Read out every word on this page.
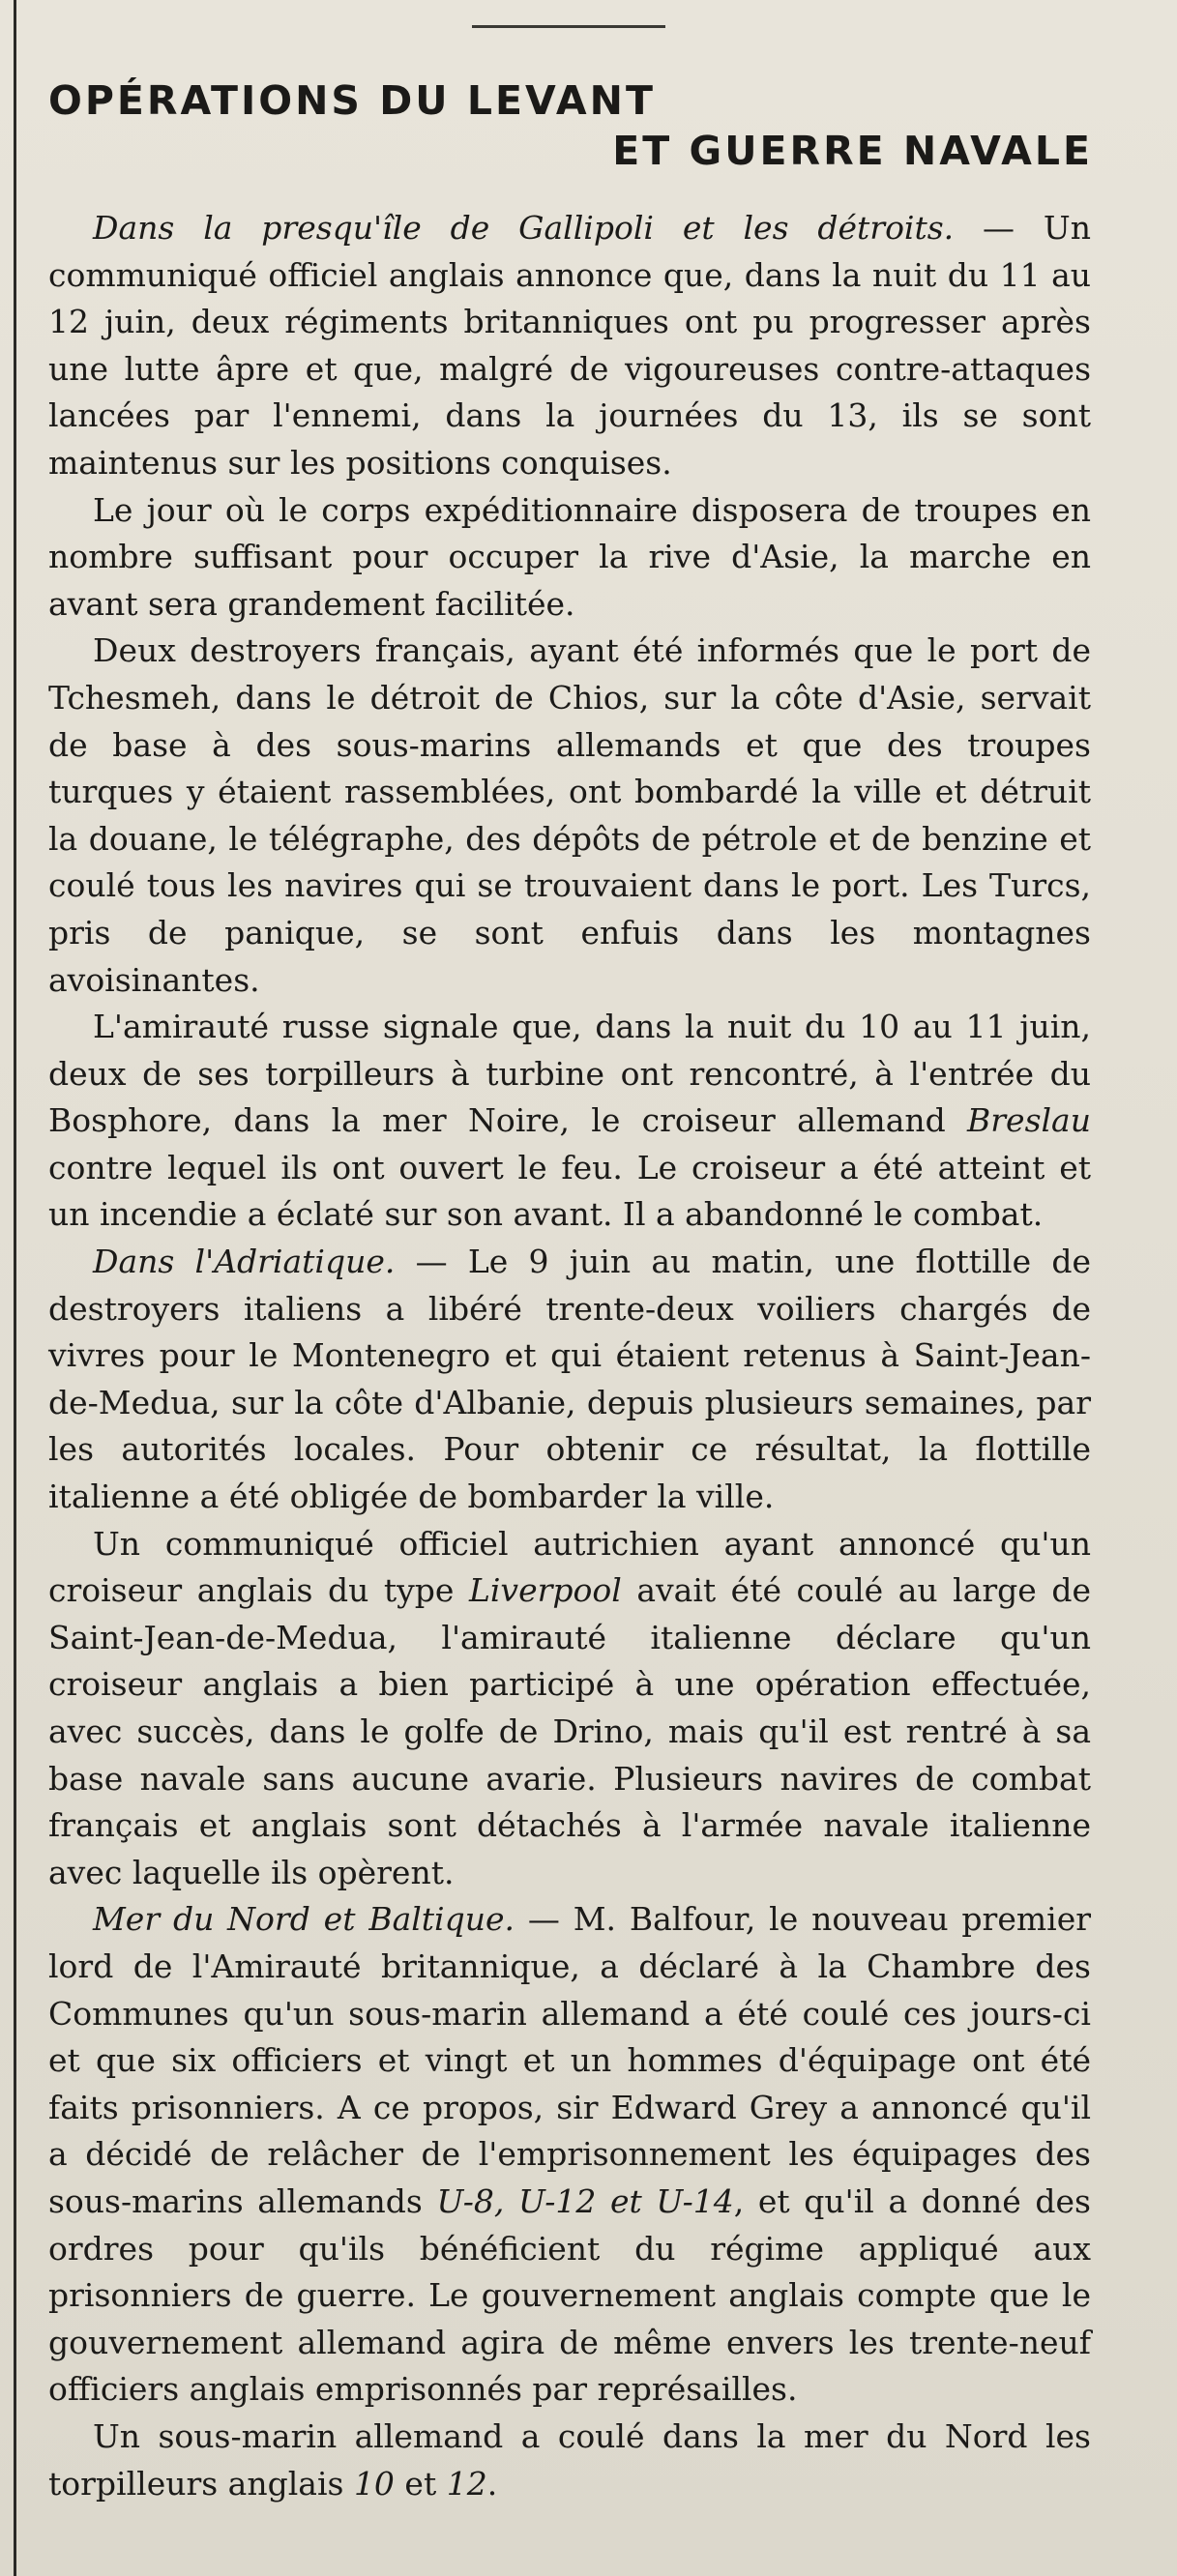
OPÉRATIONS DU LEVANT
ET GUERRE NAVALE

Dans la presqu'île de Gallipoli et les détroits. — Un communiqué officiel anglais annonce que, dans la nuit du 11 au 12 juin, deux régiments britanniques ont pu progresser après une lutte âpre et que, malgré de vigoureuses contre-attaques lancées par l'ennemi, dans la journées du 13, ils se sont maintenus sur les positions conquises.

Le jour où le corps expéditionnaire disposera de troupes en nombre suffisant pour occuper la rive d'Asie, la marche en avant sera grandement facilitée.

Deux destroyers français, ayant été informés que le port de Tchesmeh, dans le détroit de Chios, sur la côte d'Asie, servait de base à des sous-marins allemands et que des troupes turques y étaient rassemblées, ont bombardé la ville et détruit la douane, le télégraphe, des dépôts de pétrole et de benzine et coulé tous les navires qui se trouvaient dans le port. Les Turcs, pris de panique, se sont enfuis dans les montagnes avoisinantes.

L'amirauté russe signale que, dans la nuit du 10 au 11 juin, deux de ses torpilleurs à turbine ont rencontré, à l'entrée du Bosphore, dans la mer Noire, le croiseur allemand Breslau contre lequel ils ont ouvert le feu. Le croiseur a été atteint et un incendie a éclaté sur son avant. Il a abandonné le combat.

Dans l'Adriatique. — Le 9 juin au matin, une flottille de destroyers italiens a libéré trente-deux voiliers chargés de vivres pour le Montenegro et qui étaient retenus à Saint-Jean-de-Medua, sur la côte d'Albanie, depuis plusieurs semaines, par les autorités locales. Pour obtenir ce résultat, la flottille italienne a été obligée de bombarder la ville.

Un communiqué officiel autrichien ayant annoncé qu'un croiseur anglais du type Liverpool avait été coulé au large de Saint-Jean-de-Medua, l'amirauté italienne déclare qu'un croiseur anglais a bien participé à une opération effectuée, avec succès, dans le golfe de Drino, mais qu'il est rentré à sa base navale sans aucune avarie. Plusieurs navires de combat français et anglais sont détachés à l'armée navale italienne avec laquelle ils opèrent.

Mer du Nord et Baltique. — M. Balfour, le nouveau premier lord de l'Amirauté britannique, a déclaré à la Chambre des Communes qu'un sous-marin allemand a été coulé ces jours-ci et que six officiers et vingt et un hommes d'équipage ont été faits prisonniers. A ce propos, sir Edward Grey a annoncé qu'il a décidé de relâcher de l'emprisonnement les équipages des sous-marins allemands U-8, U-12 et U-14, et qu'il a donné des ordres pour qu'ils bénéficient du régime appliqué aux prisonniers de guerre. Le gouvernement anglais compte que le gouvernement allemand agira de même envers les trente-neuf officiers anglais emprisonnés par représailles.

Un sous-marin allemand a coulé dans la mer du Nord les torpilleurs anglais 10 et 12.
